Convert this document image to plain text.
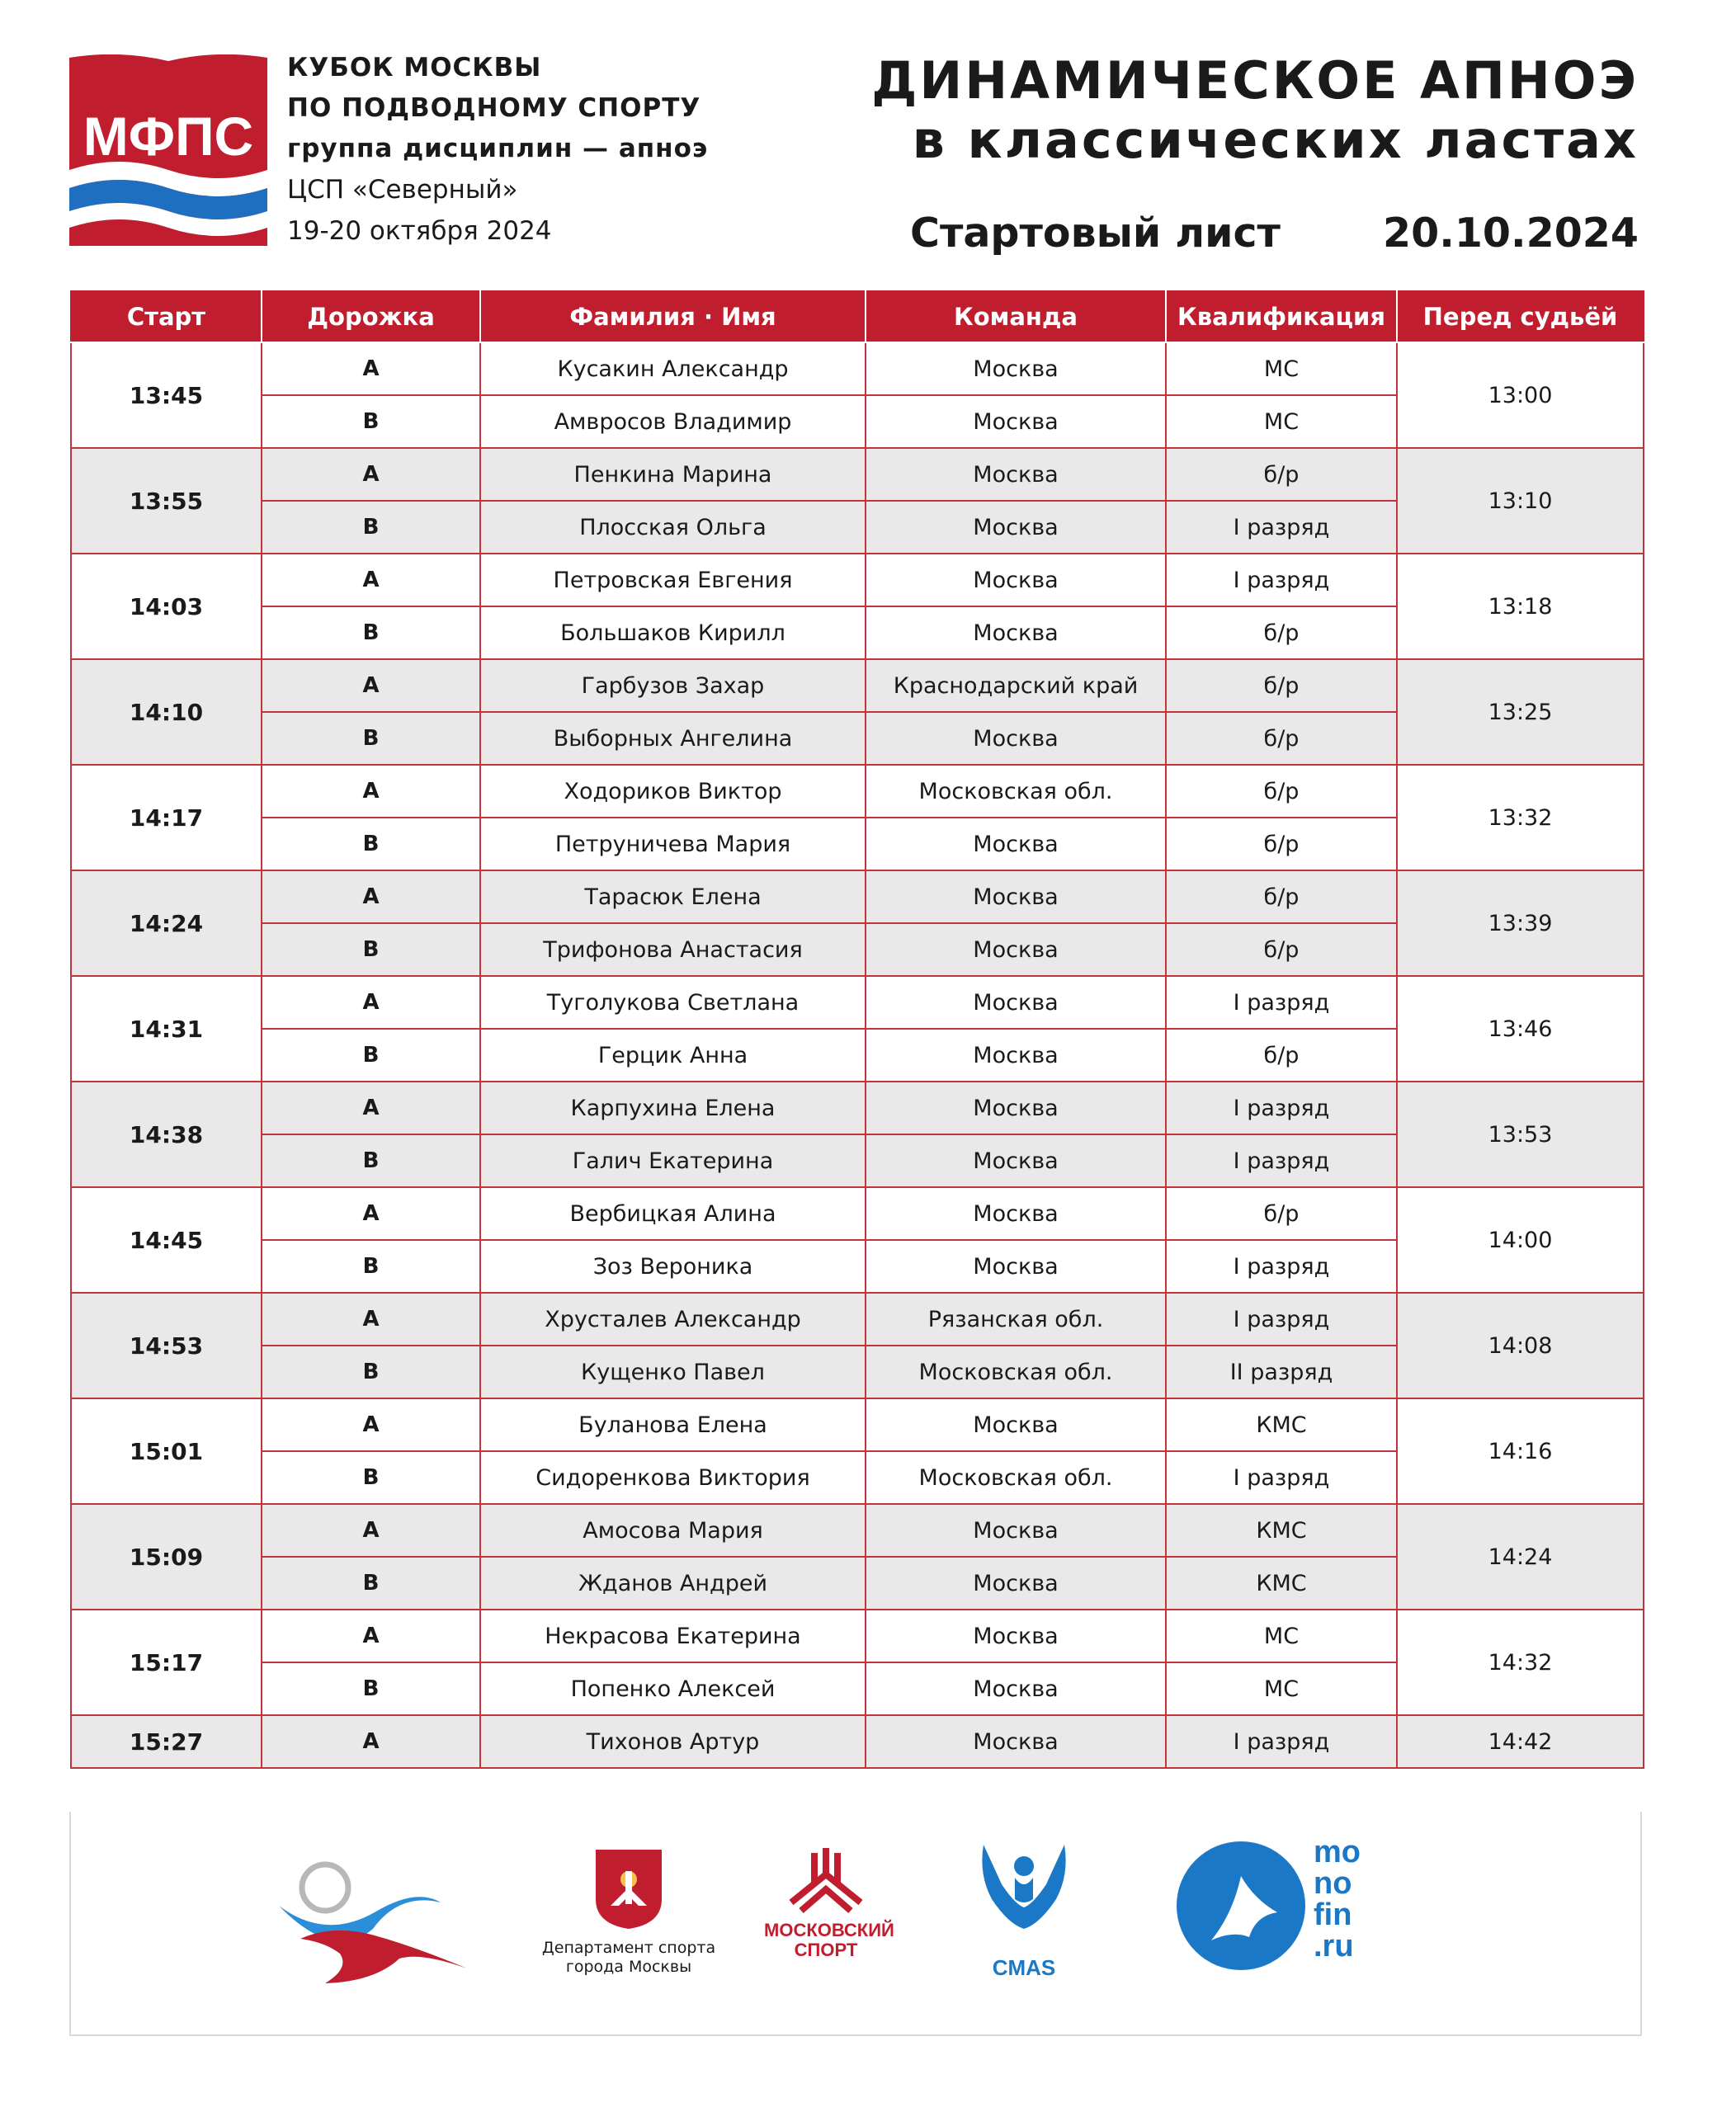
МФПС
КУБОК МОСКВЫ
ПО ПОДВОДНОМУ СПОРТУ
группа дисциплин — апноэ
ЦСП «Северный»
19-20 октября 2024
ДИНАМИЧЕСКОЕ АПНОЭ
в классических ластах
Стартовый лист	20.10.2024
Старт	Дорожка	Фамилия · Имя	Команда	Квалификация	Перед судьёй
13:45	A	Кусакин Александр	Москва	МС	13:00
	B	Амвросов Владимир	Москва	МС	
13:55	A	Пенкина Марина	Москва	б/р	13:10
	B	Плосская Ольга	Москва	I разряд	
14:03	A	Петровская Евгения	Москва	I разряд	13:18
	B	Большаков Кирилл	Москва	б/р	
14:10	A	Гарбузов Захар	Краснодарский край	б/р	13:25
	B	Выборных Ангелина	Москва	б/р	
14:17	A	Ходориков Виктор	Московская обл.	б/р	13:32
	B	Петруничева Мария	Москва	б/р	
14:24	A	Тарасюк Елена	Москва	б/р	13:39
	B	Трифонова Анастасия	Москва	б/р	
14:31	A	Туголукова Светлана	Москва	I разряд	13:46
	B	Герцик Анна	Москва	б/р	
14:38	A	Карпухина Елена	Москва	I разряд	13:53
	B	Галич Екатерина	Москва	I разряд	
14:45	A	Вербицкая Алина	Москва	б/р	14:00
	B	Зоз Вероника	Москва	I разряд	
14:53	A	Хрусталев Александр	Рязанская обл.	I разряд	14:08
	B	Кущенко Павел	Московская обл.	II разряд	
15:01	A	Буланова Елена	Москва	КМС	14:16
	B	Сидоренкова Виктория	Московская обл.	I разряд	
15:09	A	Амосова Мария	Москва	КМС	14:24
	B	Жданов Андрей	Москва	КМС	
15:17	A	Некрасова Екатерина	Москва	МС	14:32
	B	Попенко Алексей	Москва	МС	
15:27	A	Тихонов Артур	Москва	I разряд	14:42
Департамент спорта
города Москвы
МОСКОВСКИЙ
СПОРТ
CMAS
mo
no
fin
.ru
